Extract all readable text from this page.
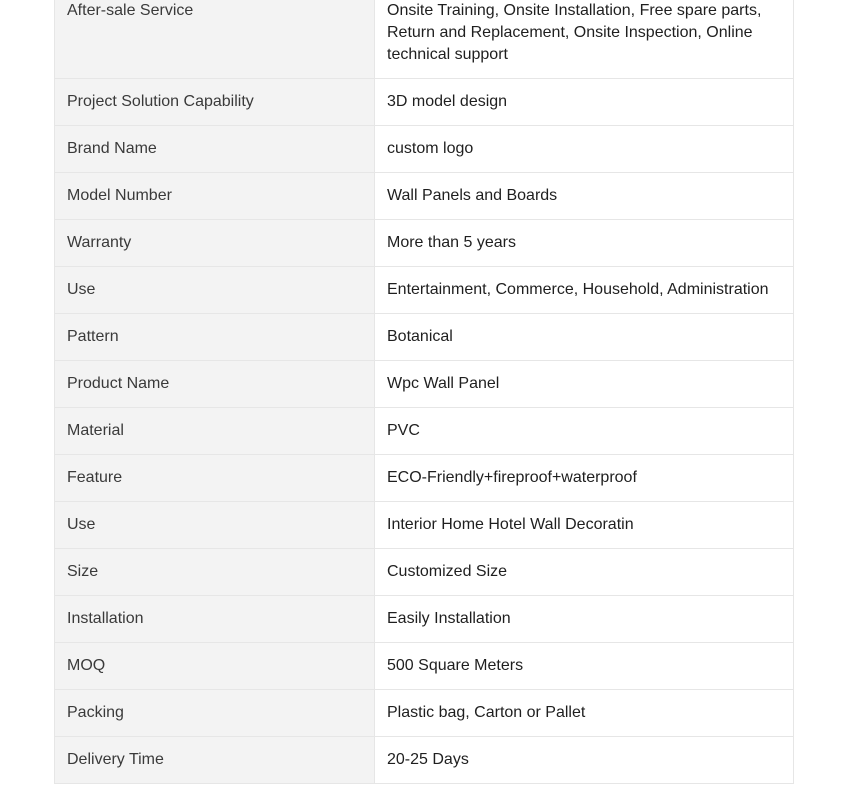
After-sale Service	Onsite Training, Onsite Installation, Free spare parts, Return and Replacement, Onsite Inspection, Online technical support
Project Solution Capability	3D model design
Brand Name	custom logo
Model Number	Wall Panels and Boards
Warranty	More than 5 years
Use	Entertainment, Commerce, Household, Administration
Pattern	Botanical
Product Name	Wpc Wall Panel
Material	PVC
Feature	ECO-Friendly+fireproof+waterproof
Use	Interior Home Hotel Wall Decoratin
Size	Customized Size
Installation	Easily Installation
MOQ	500 Square Meters
Packing	Plastic bag, Carton or Pallet
Delivery Time	20-25 Days
